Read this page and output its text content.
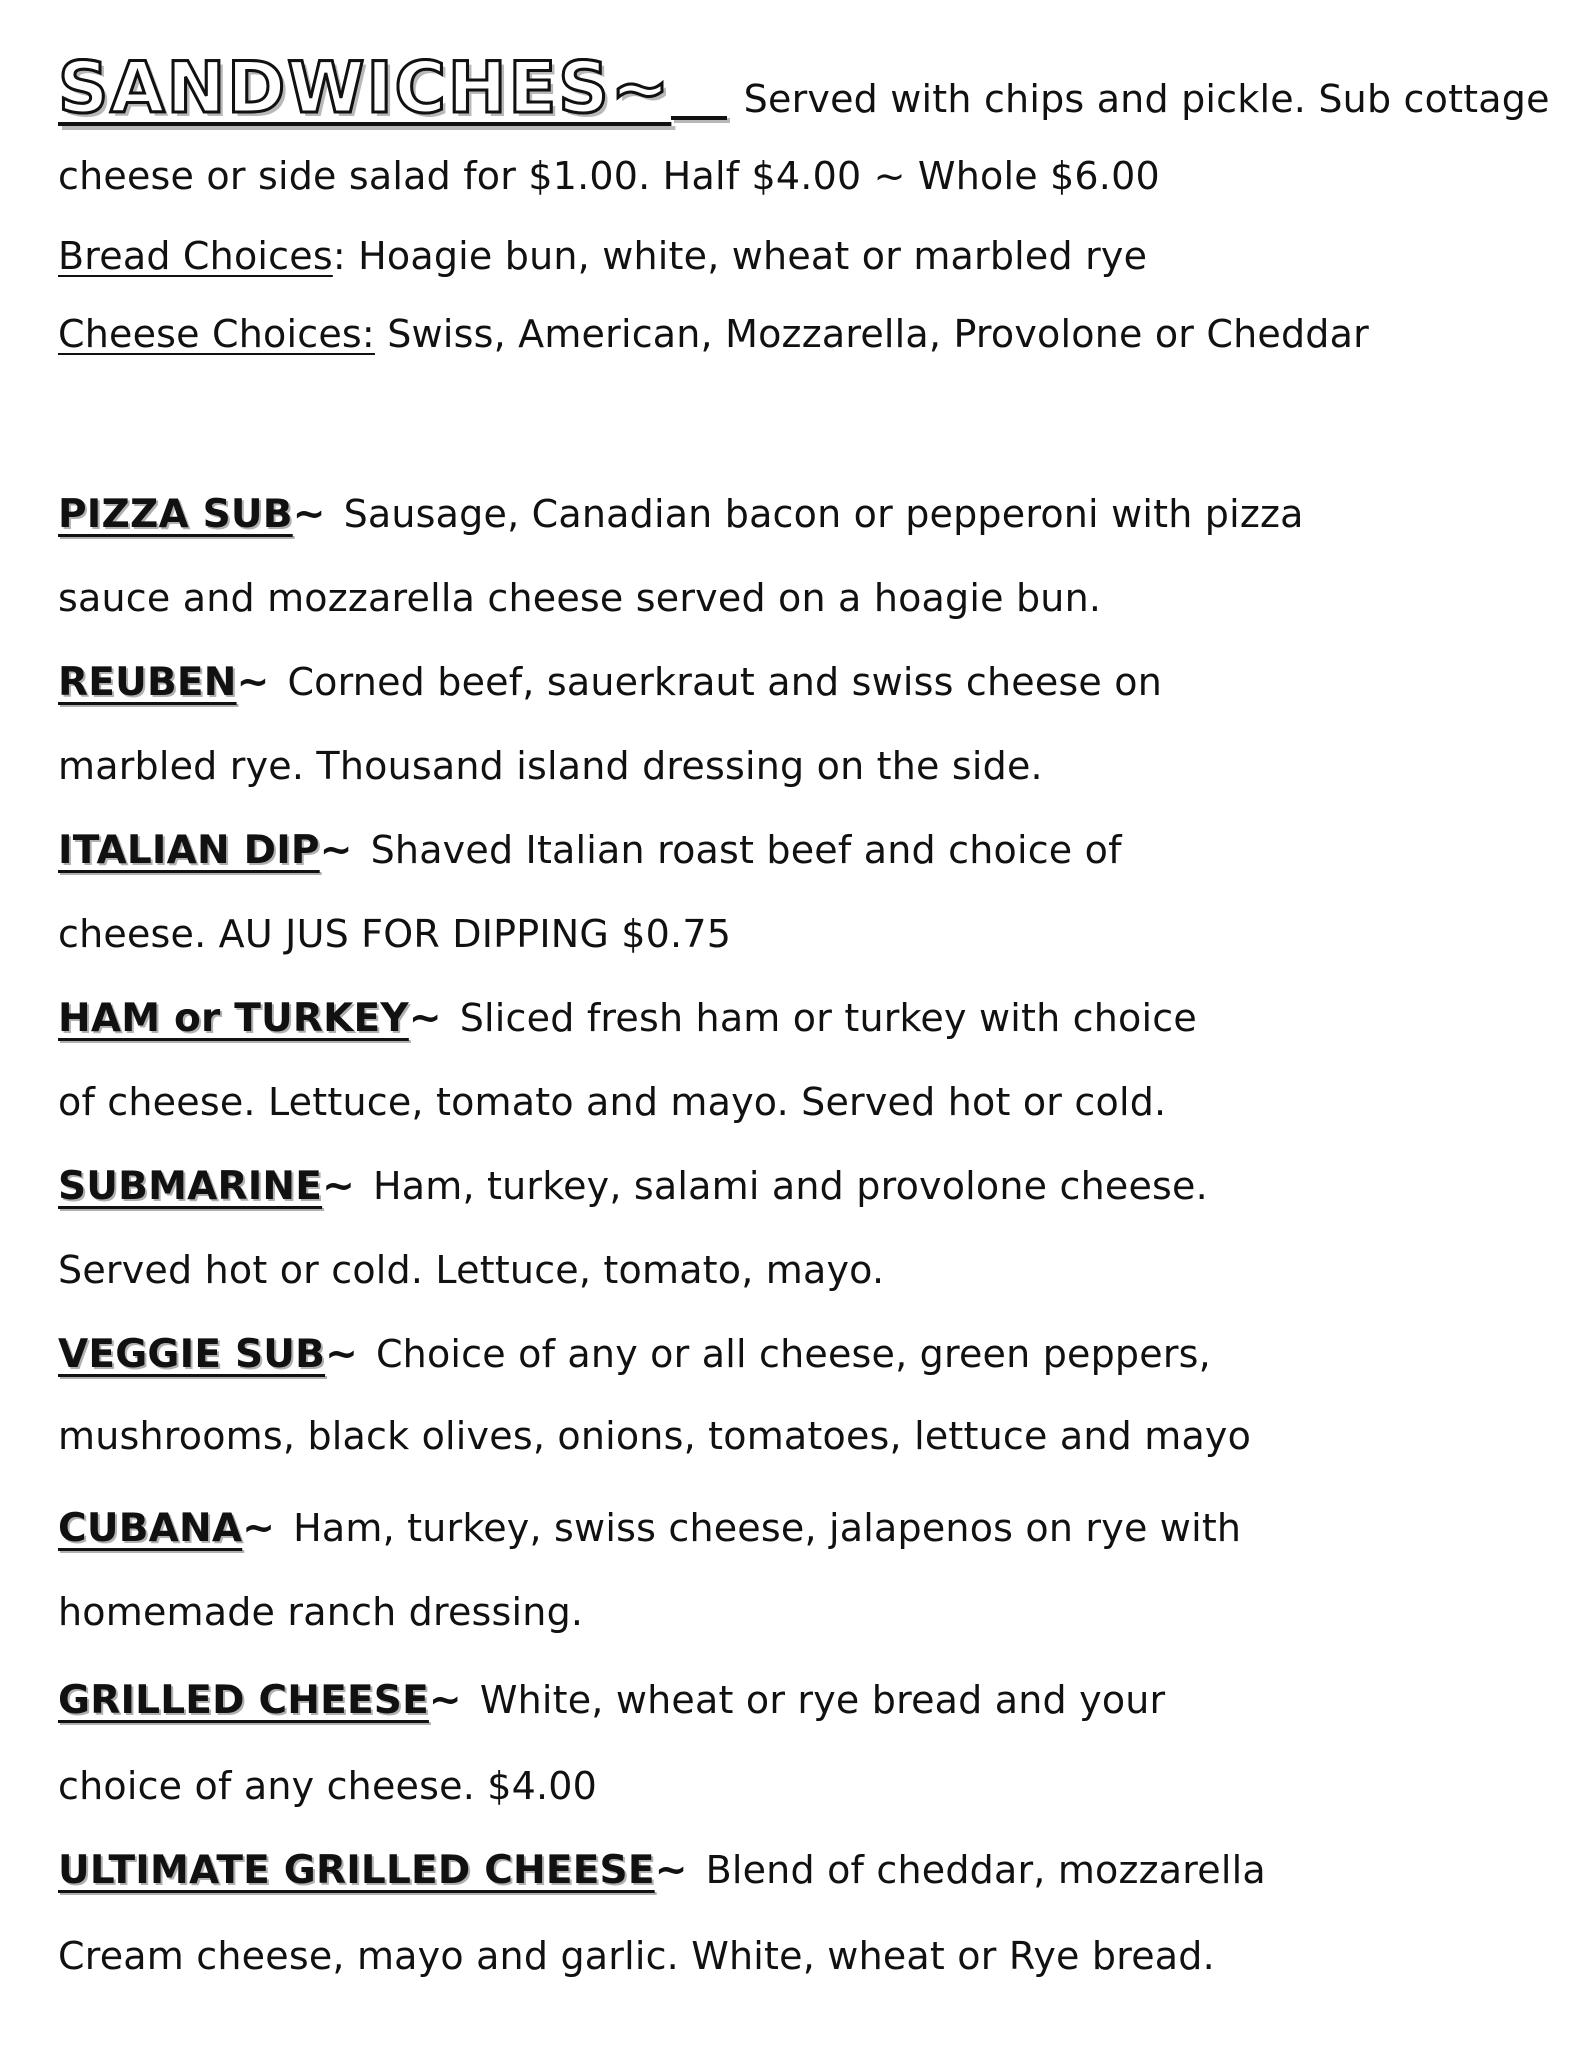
SANDWICHES~ Served with chips and pickle. Sub cottage
cheese or side salad for $1.00. Half $4.00 ~ Whole $6.00
Bread Choices: Hoagie bun, white, wheat or marbled rye
Cheese Choices: Swiss, American, Mozzarella, Provolone or Cheddar
PIZZA SUB~ Sausage, Canadian bacon or pepperoni with pizza
sauce and mozzarella cheese served on a hoagie bun.
REUBEN~ Corned beef, sauerkraut and swiss cheese on
marbled rye. Thousand island dressing on the side.
ITALIAN DIP~ Shaved Italian roast beef and choice of
cheese. AU JUS FOR DIPPING $0.75
HAM or TURKEY~ Sliced fresh ham or turkey with choice
of cheese. Lettuce, tomato and mayo. Served hot or cold.
SUBMARINE~ Ham, turkey, salami and provolone cheese.
Served hot or cold. Lettuce, tomato, mayo.
VEGGIE SUB~ Choice of any or all cheese, green peppers,
mushrooms, black olives, onions, tomatoes, lettuce and mayo
CUBANA~ Ham, turkey, swiss cheese, jalapenos on rye with
homemade ranch dressing.
GRILLED CHEESE~ White, wheat or rye bread and your
choice of any cheese. $4.00
ULTIMATE GRILLED CHEESE~ Blend of cheddar, mozzarella
Cream cheese, mayo and garlic. White, wheat or Rye bread.
